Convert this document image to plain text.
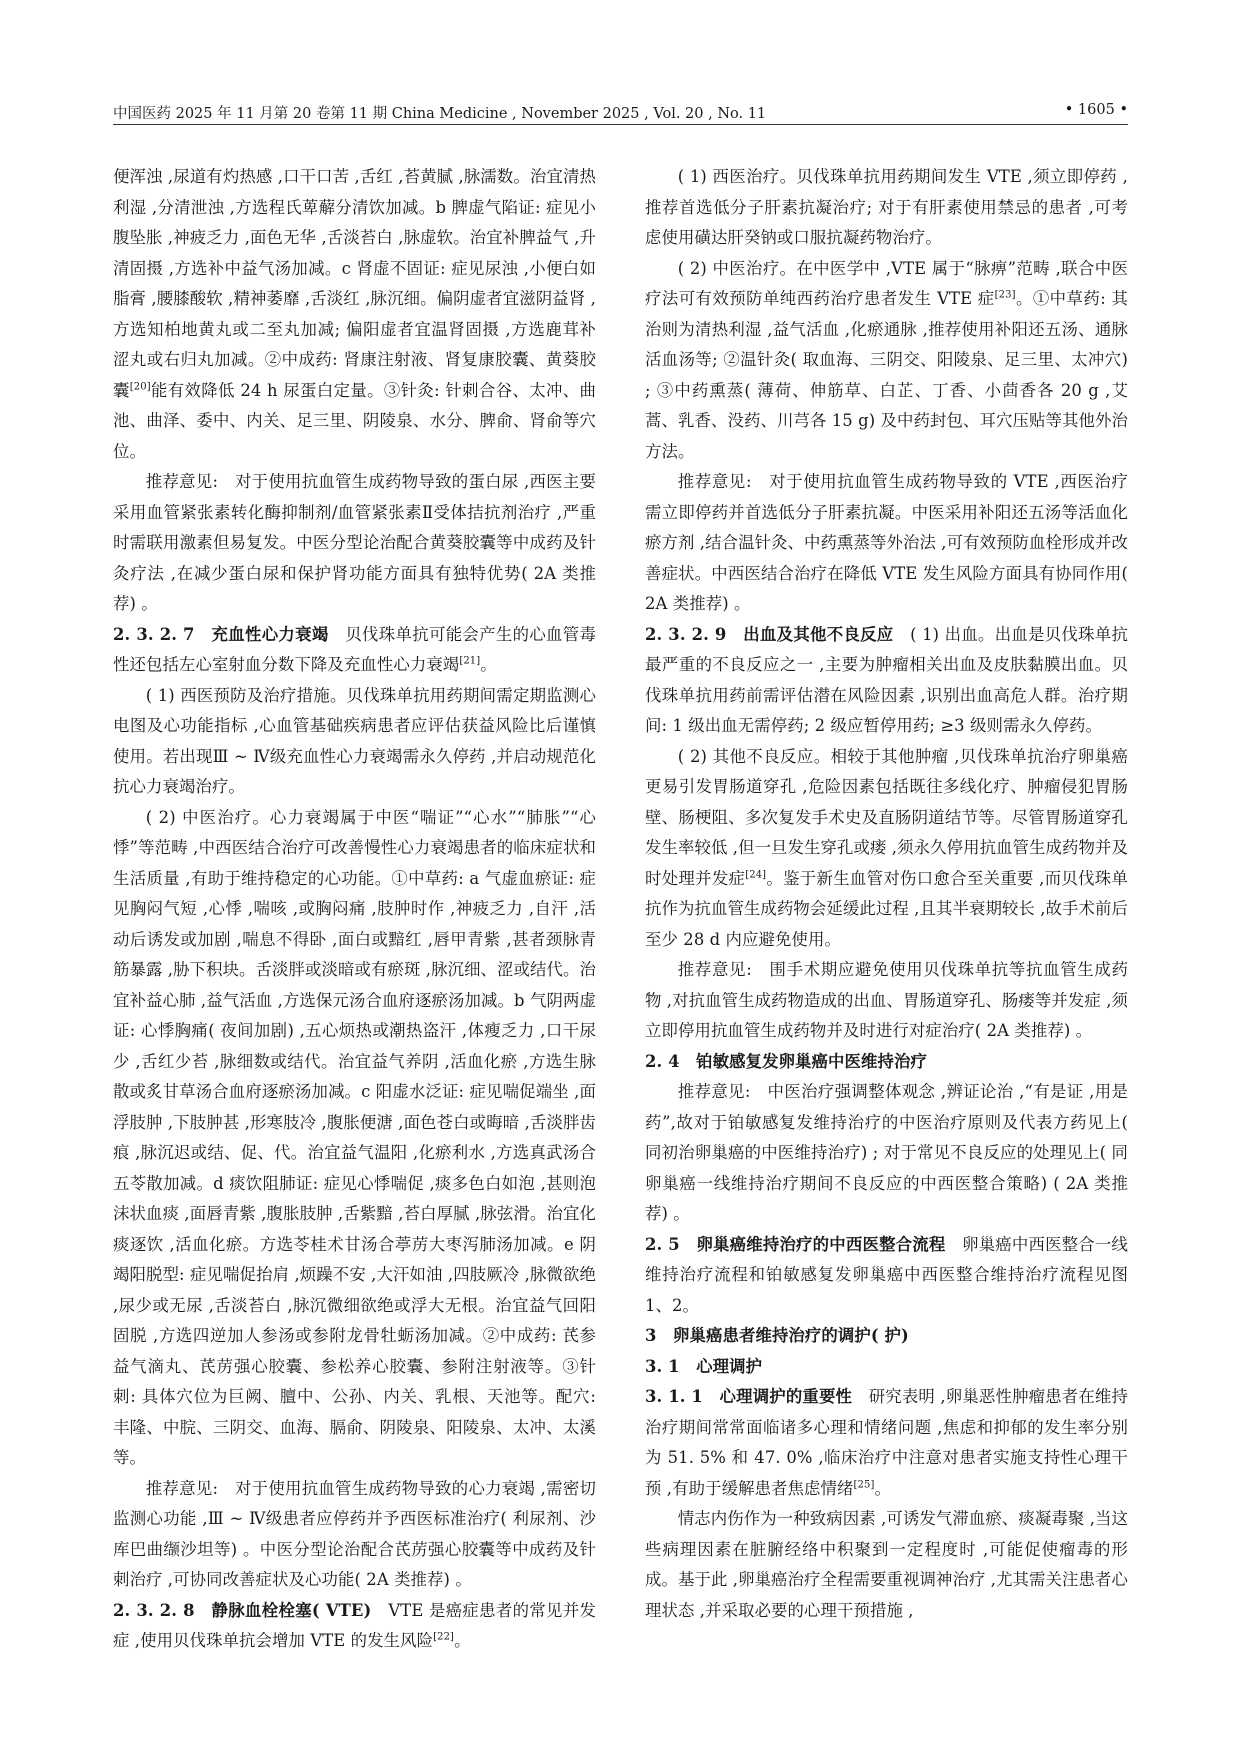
中国医药 2025 年 11 月第 20 卷第 11 期 China Medicine , November 2025 , Vol. 20 , No. 11	• 1605 •

便浑浊 ,尿道有灼热感 ,口干口苦 ,舌红 ,苔黄腻 ,脉濡数。治宜清热利湿 ,分清泄浊 ,方选程氏萆薢分清饮加减。b 脾虚气陷证: 症见小腹坠胀 ,神疲乏力 ,面色无华 ,舌淡苔白 ,脉虚软。治宜补脾益气 ,升清固摄 ,方选补中益气汤加减。c 肾虚不固证: 症见尿浊 ,小便白如脂膏 ,腰膝酸软 ,精神萎靡 ,舌淡红 ,脉沉细。偏阴虚者宜滋阴益肾 ,方选知柏地黄丸或二至丸加减; 偏阳虚者宜温肾固摄 ,方选鹿茸补涩丸或右归丸加减。②中成药: 肾康注射液、肾复康胶囊、黄葵胶囊[20]能有效降低 24 h 尿蛋白定量。③针灸: 针刺合谷、太冲、曲池、曲泽、委中、内关、足三里、阴陵泉、水分、脾俞、肾俞等穴位。

推荐意见:　对于使用抗血管生成药物导致的蛋白尿 ,西医主要采用血管紧张素转化酶抑制剂/血管紧张素Ⅱ受体拮抗剂治疗 ,严重时需联用激素但易复发。中医分型论治配合黄葵胶囊等中成药及针灸疗法 ,在减少蛋白尿和保护肾功能方面具有独特优势( 2A 类推荐) 。

2. 3. 2. 7　充血性心力衰竭　贝伐珠单抗可能会产生的心血管毒性还包括左心室射血分数下降及充血性心力衰竭[21]。

( 1) 西医预防及治疗措施。贝伐珠单抗用药期间需定期监测心电图及心功能指标 ,心血管基础疾病患者应评估获益风险比后谨慎使用。若出现Ⅲ ~ Ⅳ级充血性心力衰竭需永久停药 ,并启动规范化抗心力衰竭治疗。

( 2) 中医治疗。心力衰竭属于中医“喘证”“心水”“肺胀”“心悸”等范畴 ,中西医结合治疗可改善慢性心力衰竭患者的临床症状和生活质量 ,有助于维持稳定的心功能。①中草药: a 气虚血瘀证: 症见胸闷气短 ,心悸 ,喘咳 ,或胸闷痛 ,肢肿时作 ,神疲乏力 ,自汗 ,活动后诱发或加剧 ,喘息不得卧 ,面白或黯红 ,唇甲青紫 ,甚者颈脉青筋暴露 ,胁下积块。舌淡胖或淡暗或有瘀斑 ,脉沉细、涩或结代。治宜补益心肺 ,益气活血 ,方选保元汤合血府逐瘀汤加减。b 气阴两虚证: 心悸胸痛( 夜间加剧) ,五心烦热或潮热盗汗 ,体瘦乏力 ,口干尿少 ,舌红少苔 ,脉细数或结代。治宜益气养阴 ,活血化瘀 ,方选生脉散或炙甘草汤合血府逐瘀汤加减。c 阳虚水泛证: 症见喘促端坐 ,面浮肢肿 ,下肢肿甚 ,形寒肢冷 ,腹胀便溏 ,面色苍白或晦暗 ,舌淡胖齿痕 ,脉沉迟或结、促、代。治宜益气温阳 ,化瘀利水 ,方选真武汤合五苓散加减。d 痰饮阻肺证: 症见心悸喘促 ,痰多色白如泡 ,甚则泡沫状血痰 ,面唇青紫 ,腹胀肢肿 ,舌紫黯 ,苔白厚腻 ,脉弦滑。治宜化痰逐饮 ,活血化瘀。方选苓桂术甘汤合葶苈大枣泻肺汤加减。e 阴竭阳脱型: 症见喘促抬肩 ,烦躁不安 ,大汗如油 ,四肢厥冷 ,脉微欲绝 ,尿少或无尿 ,舌淡苔白 ,脉沉微细欲绝或浮大无根。治宜益气回阳固脱 ,方选四逆加人参汤或参附龙骨牡蛎汤加减。②中成药: 芪参益气滴丸、芪苈强心胶囊、参松养心胶囊、参附注射液等。③针刺: 具体穴位为巨阙、膻中、公孙、内关、乳根、天池等。配穴: 丰隆、中脘、三阴交、血海、膈俞、阴陵泉、阳陵泉、太冲、太溪等。

推荐意见:　对于使用抗血管生成药物导致的心力衰竭 ,需密切监测心功能 ,Ⅲ ~ Ⅳ级患者应停药并予西医标准治疗( 利尿剂、沙库巴曲缬沙坦等) 。中医分型论治配合芪苈强心胶囊等中成药及针刺治疗 ,可协同改善症状及心功能( 2A 类推荐) 。

2. 3. 2. 8　静脉血栓栓塞( VTE)　VTE 是癌症患者的常见并发症 ,使用贝伐珠单抗会增加 VTE 的发生风险[22]。

( 1) 西医治疗。贝伐珠单抗用药期间发生 VTE ,须立即停药 ,推荐首选低分子肝素抗凝治疗; 对于有肝素使用禁忌的患者 ,可考虑使用磺达肝癸钠或口服抗凝药物治疗。

( 2) 中医治疗。在中医学中 ,VTE 属于“脉痹”范畴 ,联合中医疗法可有效预防单纯西药治疗患者发生 VTE 症[23]。①中草药: 其治则为清热利湿 ,益气活血 ,化瘀通脉 ,推荐使用补阳还五汤、通脉活血汤等; ②温针灸( 取血海、三阴交、阳陵泉、足三里、太冲穴) ; ③中药熏蒸( 薄荷、伸筋草、白芷、丁香、小茴香各 20 g ,艾蒿、乳香、没药、川芎各 15 g) 及中药封包、耳穴压贴等其他外治方法。

推荐意见:　对于使用抗血管生成药物导致的 VTE ,西医治疗需立即停药并首选低分子肝素抗凝。中医采用补阳还五汤等活血化瘀方剂 ,结合温针灸、中药熏蒸等外治法 ,可有效预防血栓形成并改善症状。中西医结合治疗在降低 VTE 发生风险方面具有协同作用( 2A 类推荐) 。

2. 3. 2. 9　出血及其他不良反应　( 1) 出血。出血是贝伐珠单抗最严重的不良反应之一 ,主要为肿瘤相关出血及皮肤黏膜出血。贝伐珠单抗用药前需评估潜在风险因素 ,识别出血高危人群。治疗期间: 1 级出血无需停药; 2 级应暂停用药; ≥3 级则需永久停药。

( 2) 其他不良反应。相较于其他肿瘤 ,贝伐珠单抗治疗卵巢癌更易引发胃肠道穿孔 ,危险因素包括既往多线化疗、肿瘤侵犯胃肠壁、肠梗阻、多次复发手术史及直肠阴道结节等。尽管胃肠道穿孔发生率较低 ,但一旦发生穿孔或瘘 ,须永久停用抗血管生成药物并及时处理并发症[24]。鉴于新生血管对伤口愈合至关重要 ,而贝伐珠单抗作为抗血管生成药物会延缓此过程 ,且其半衰期较长 ,故手术前后至少 28 d 内应避免使用。

推荐意见:　围手术期应避免使用贝伐珠单抗等抗血管生成药物 ,对抗血管生成药物造成的出血、胃肠道穿孔、肠瘘等并发症 ,须立即停用抗血管生成药物并及时进行对症治疗( 2A 类推荐) 。

2. 4　铂敏感复发卵巢癌中医维持治疗

推荐意见:　中医治疗强调整体观念 ,辨证论治 ,“有是证 ,用是药”,故对于铂敏感复发维持治疗的中医治疗原则及代表方药见上( 同初治卵巢癌的中医维持治疗) ; 对于常见不良反应的处理见上( 同卵巢癌一线维持治疗期间不良反应的中西医整合策略) ( 2A 类推荐) 。

2. 5　卵巢癌维持治疗的中西医整合流程　卵巢癌中西医整合一线维持治疗流程和铂敏感复发卵巢癌中西医整合维持治疗流程见图 1、2。

3　卵巢癌患者维持治疗的调护( 护)

3. 1　心理调护

3. 1. 1　心理调护的重要性　研究表明 ,卵巢恶性肿瘤患者在维持治疗期间常常面临诸多心理和情绪问题 ,焦虑和抑郁的发生率分别为 51. 5% 和 47. 0% ,临床治疗中注意对患者实施支持性心理干预 ,有助于缓解患者焦虑情绪[25]。

情志内伤作为一种致病因素 ,可诱发气滞血瘀、痰凝毒聚 ,当这些病理因素在脏腑经络中积聚到一定程度时 ,可能促使瘤毒的形成。基于此 ,卵巢癌治疗全程需要重视调神治疗 ,尤其需关注患者心理状态 ,并采取必要的心理干预措施 ,
